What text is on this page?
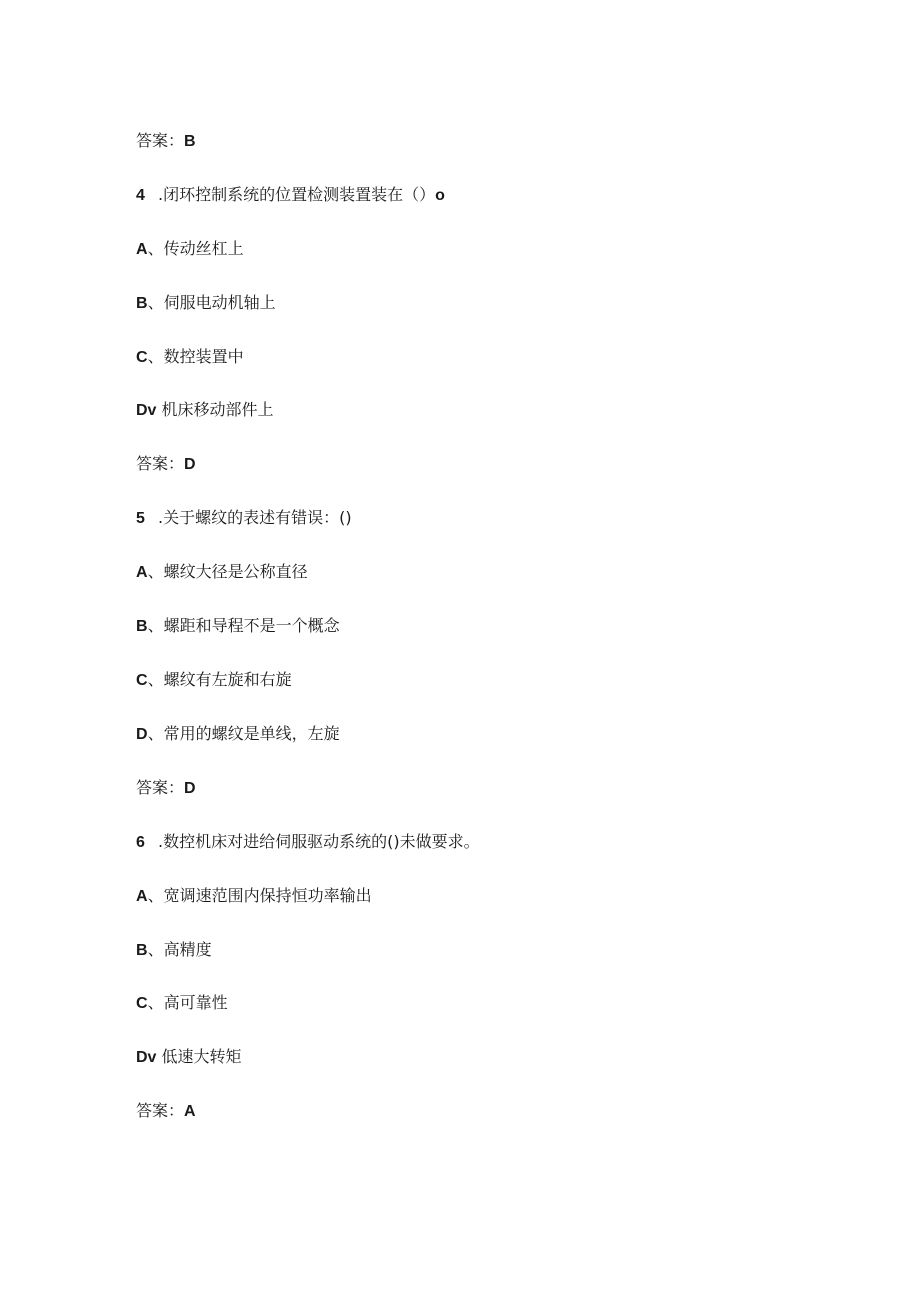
答案：B
4 .闭环控制系统的位置检测装置装在（）o
A、传动丝杠上
B、伺服电动机轴上
C、数控装置中
Dv 机床移动部件上
答案：D
5 .关于螺纹的表述有错误：()
A、螺纹大径是公称直径
B、螺距和导程不是一个概念
C、螺纹有左旋和右旋
D、常用的螺纹是单线，左旋
答案：D
6 .数控机床对进给伺服驱动系统的()未做要求。
A、宽调速范围内保持恒功率输出
B、高精度
C、高可靠性
Dv 低速大转矩
答案：A
